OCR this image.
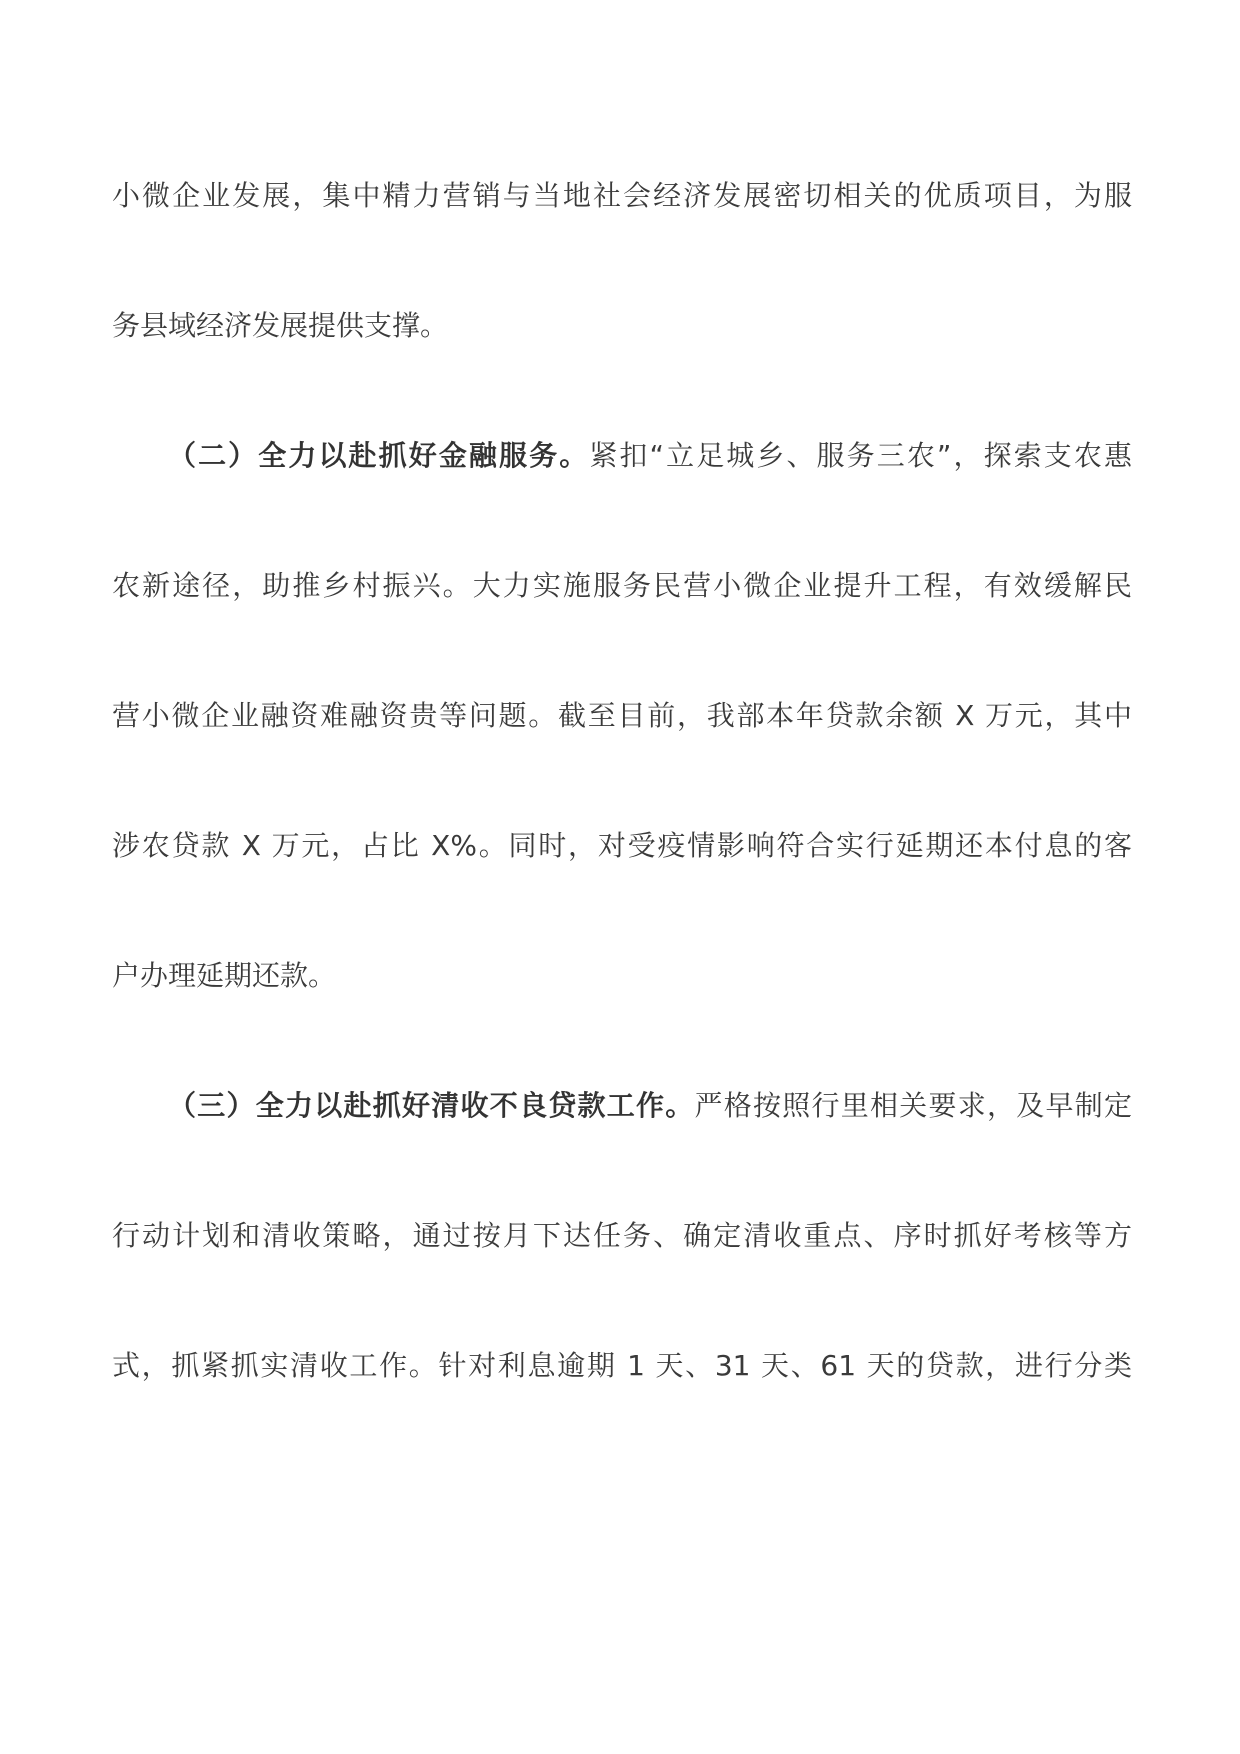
小微企业发展，集中精力营销与当地社会经济发展密切相关的优质项目，为服
务县域经济发展提供支撑。
（二）全力以赴抓好金融服务。紧扣“立足城乡、服务三农”，探索支农惠
农新途径，助推乡村振兴。大力实施服务民营小微企业提升工程，有效缓解民
营小微企业融资难融资贵等问题。截至目前，我部本年贷款余额 X 万元，其中
涉农贷款 X 万元，占比 X%。同时，对受疫情影响符合实行延期还本付息的客
户办理延期还款。
（三）全力以赴抓好清收不良贷款工作。严格按照行里相关要求，及早制定
行动计划和清收策略，通过按月下达任务、确定清收重点、序时抓好考核等方
式，抓紧抓实清收工作。针对利息逾期 1 天、31 天、61 天的贷款，进行分类
